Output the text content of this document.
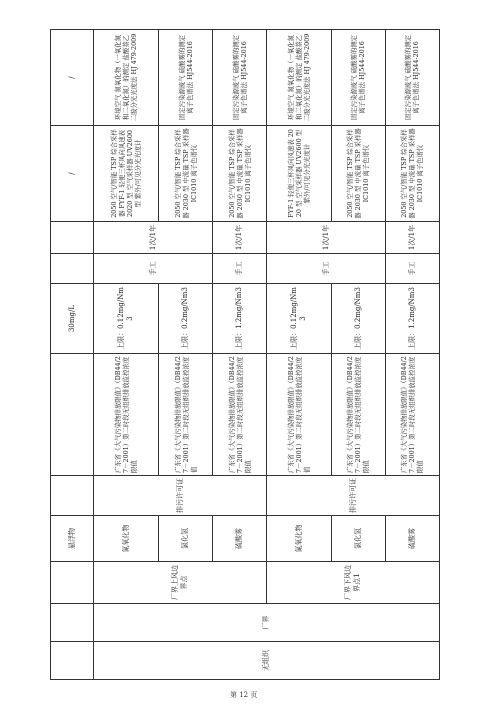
			悬浮物			30mg/L			/	/
无组织	厂界	厂界上风边界点	氮氧化物	排污许可证	广东省《大气污染物排放限值》（DB44/27－2001）第二时段无组织排放监控浓度限值	上限：0.12mg/Nm3	手工	1次/1年	2050 空气/智能 TSP 综合采样器 FYF-1 轻便三杯风向风速表 2020 型 空气采样器 UV2600 型 紫外/可见分光光度计	环境空气 氮氧化物（一氧化氮和二氧化氮）的测定 盐酸萘乙二胺分光光度法 HJ 479-2009
			氯化氢		广东省《大气污染物排放限值》（DB44/27－2001）第二时段无组织排放监控浓度值	上限：0.2mg/Nm3			2050 空气/智能 TSP 综合采样器 2030 型 中流量 TSP 采样器 IC1010 离子色谱仪	固定污染源废气 硫酸雾的测定 离子色谱法 HJ544-2016
			硫酸雾		广东省《大气污染物排放限值》（DB44/27－2001）第二时段无组织排放监控浓度限值	上限：1.2mg/Nm3	手工	1次/1年	2050 空气/智能 TSP 综合采样器 2030 型 中流量 TSP 采样器 IC1010 离子色谱仪	固定污染源废气 硫酸雾的测定 离子色谱法 HJ544-2016
		厂界下风边界点1	氮氧化物	排污许可证	广东省《大气污染物排放限值》（DB44/27－2001）第二时段无组织排放监控浓度值	上限：0.12mg/Nm3	手工	1次/1年	FYF-1 轻便三杯风向风速表 2020 型 空气采样器 UV2600 型 紫外/可见分光光度计	环境空气 氮氧化物（一氧化氮和二氧化氮）的测定 盐酸萘乙二胺分光光度法 HJ 479-2009
			氯化氢		广东省《大气污染物排放限值》（DB44/27－2001）第二时段无组织排放监控浓度限值	上限：0.2mg/Nm3			2050 空气/智能 TSP 综合采样器 2030 型 中流量 TSP 采样器 IC1010 离子色谱仪	固定污染源废气 硫酸雾的测定 离子色谱法 HJ544-2016
			硫酸雾		广东省《大气污染物排放限值》（DB44/27－2001）第二时段无组织排放监控浓度限值	上限：1.2mg/Nm3	手工	1次/1年	2050 空气/智能 TSP 综合采样器 2030 型 中流量 TSP 采样器 IC1010 离子色谱仪	固定污染源废气 硫酸雾的测定 离子色谱法 HJ544-2016
第 12 页
